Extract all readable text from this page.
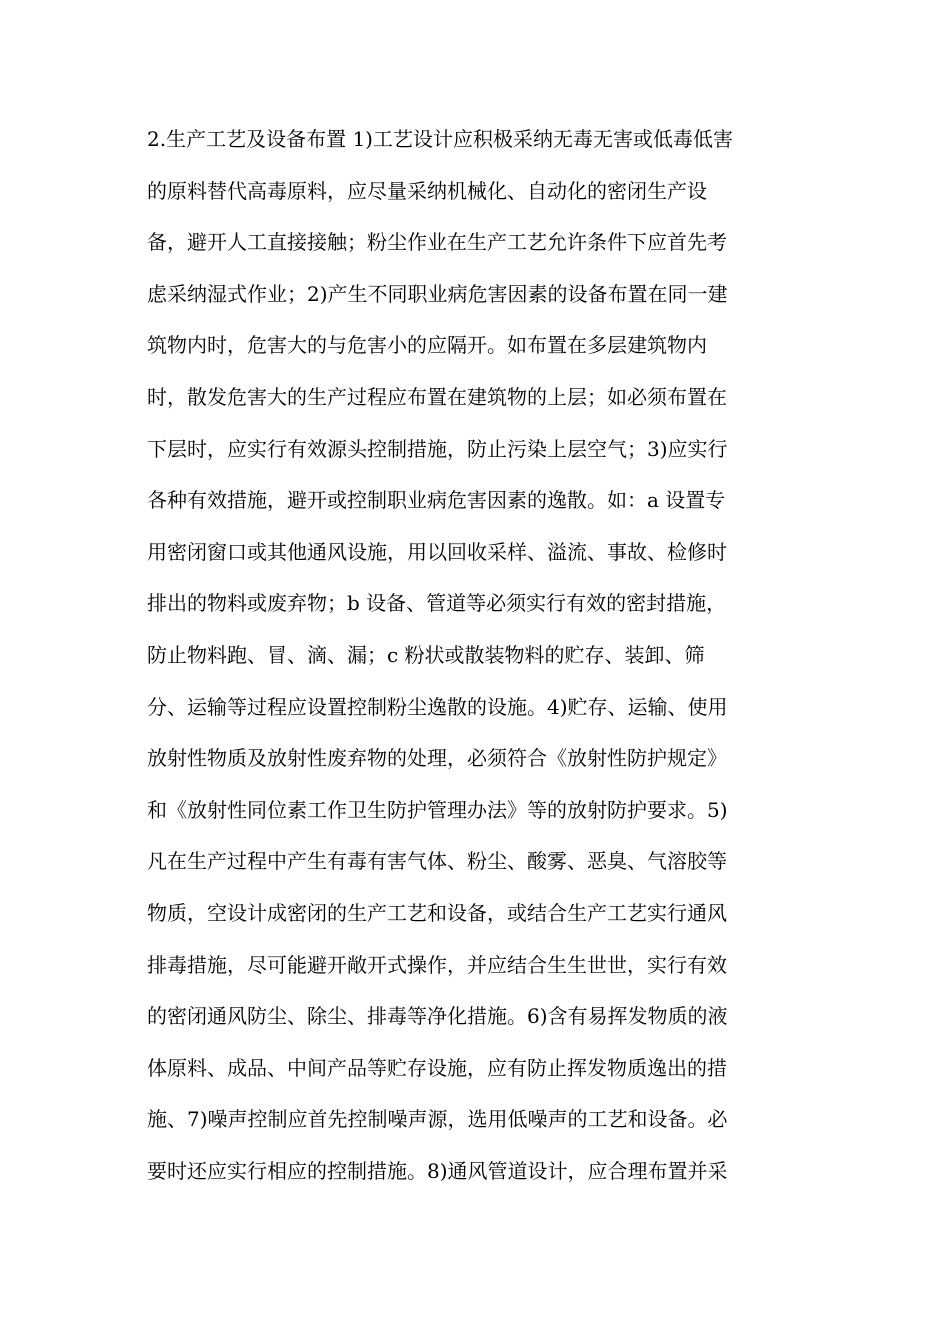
2.生产工艺及设备布置 1)工艺设计应积极采纳无毒无害或低毒低害
的原料替代高毒原料，应尽量采纳机械化、自动化的密闭生产设
备，避开人工直接接触；粉尘作业在生产工艺允许条件下应首先考
虑采纳湿式作业；2)产生不同职业病危害因素的设备布置在同一建
筑物内时，危害大的与危害小的应隔开。如布置在多层建筑物内
时，散发危害大的生产过程应布置在建筑物的上层；如必须布置在
下层时，应实行有效源头控制措施，防止污染上层空气；3)应实行
各种有效措施，避开或控制职业病危害因素的逸散。如：a 设置专
用密闭窗口或其他通风设施，用以回收采样、溢流、事故、检修时
排出的物料或废弃物；b 设备、管道等必须实行有效的密封措施，
防止物料跑、冒、滴、漏；c 粉状或散装物料的贮存、装卸、筛
分、运输等过程应设置控制粉尘逸散的设施。4)贮存、运输、使用
放射性物质及放射性废弃物的处理，必须符合《放射性防护规定》
和《放射性同位素工作卫生防护管理办法》等的放射防护要求。5)
凡在生产过程中产生有毒有害气体、粉尘、酸雾、恶臭、气溶胶等
物质，空设计成密闭的生产工艺和设备，或结合生产工艺实行通风
排毒措施，尽可能避开敞开式操作，并应结合生生世世，实行有效
的密闭通风防尘、除尘、排毒等净化措施。6)含有易挥发物质的液
体原料、成品、中间产品等贮存设施，应有防止挥发物质逸出的措
施、7)噪声控制应首先控制噪声源，选用低噪声的工艺和设备。必
要时还应实行相应的控制措施。8)通风管道设计，应合理布置并采
